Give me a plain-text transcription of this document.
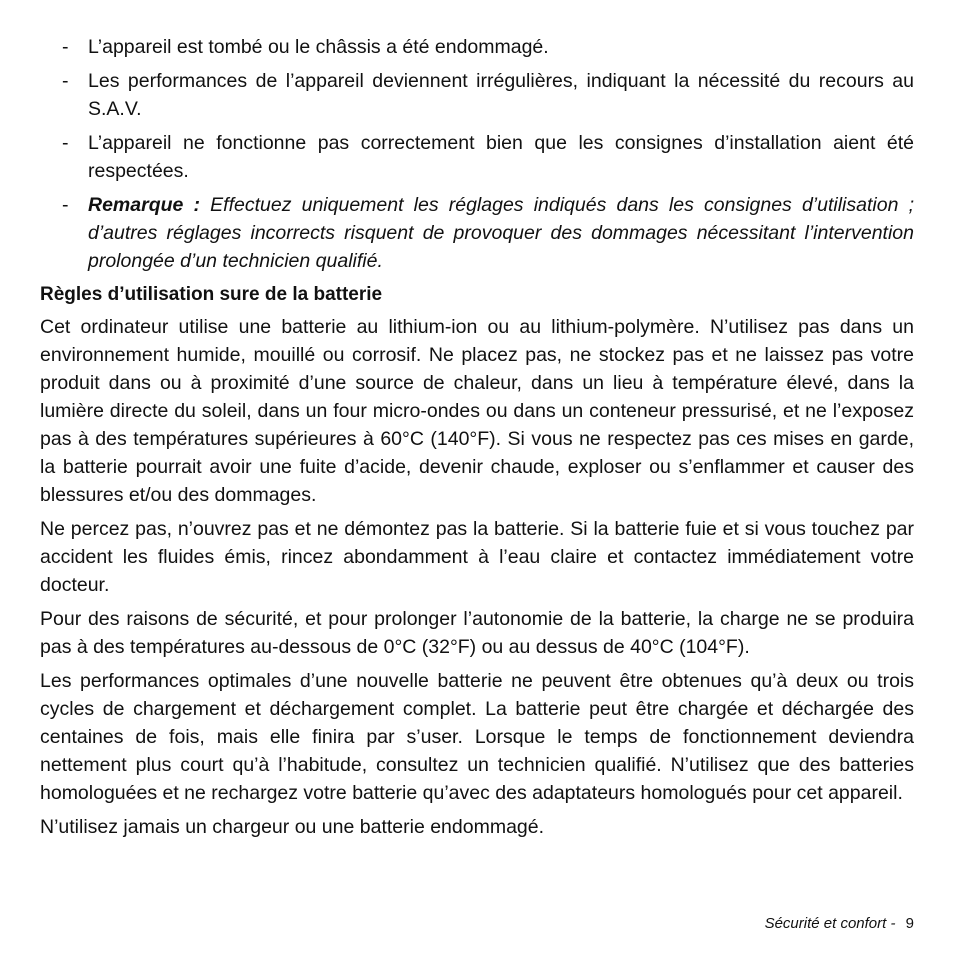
- L’appareil est tombé ou le châssis a été endommagé.
- Les performances de l’appareil deviennent irrégulières, indiquant la nécessité du recours au S.A.V.
- L’appareil ne fonctionne pas correctement bien que les consignes d’installation aient été respectées.
- Remarque : Effectuez uniquement les réglages indiqués dans les consignes d’utilisation ; d’autres réglages incorrects risquent de provoquer des dommages nécessitant l’intervention prolongée d’un technicien qualifié.
Règles d’utilisation sure de la batterie

Cet ordinateur utilise une batterie au lithium-ion ou au lithium-polymère. N’utilisez pas dans un environnement humide, mouillé ou corrosif. Ne placez pas, ne stockez pas et ne laissez pas votre produit dans ou à proximité d’une source de chaleur, dans un lieu à température élevé, dans la lumière directe du soleil, dans un four micro-ondes ou dans un conteneur pressurisé, et ne l’exposez pas à des températures supérieures à 60°C (140°F). Si vous ne respectez pas ces mises en garde, la batterie pourrait avoir une fuite d’acide, devenir chaude, exploser ou s’enflammer et causer des blessures et/ou des dommages.

Ne percez pas, n’ouvrez pas et ne démontez pas la batterie. Si la batterie fuie et si vous touchez par accident les fluides émis, rincez abondamment à l’eau claire et contactez immédiatement votre docteur.

Pour des raisons de sécurité, et pour prolonger l’autonomie de la batterie, la charge ne se produira pas à des températures au-dessous de 0°C (32°F) ou au dessus de 40°C (104°F).

Les performances optimales d’une nouvelle batterie ne peuvent être obtenues qu’à deux ou trois cycles de chargement et déchargement complet. La batterie peut être chargée et déchargée des centaines de fois, mais elle finira par s’user. Lorsque le temps de fonctionnement deviendra nettement plus court qu’à l’habitude, consultez un technicien qualifié. N’utilisez que des batteries homologuées et ne rechargez votre batterie qu’avec des adaptateurs homologués pour cet appareil.

N’utilisez jamais un chargeur ou une batterie endommagé.

Sécurité et confort - 9
